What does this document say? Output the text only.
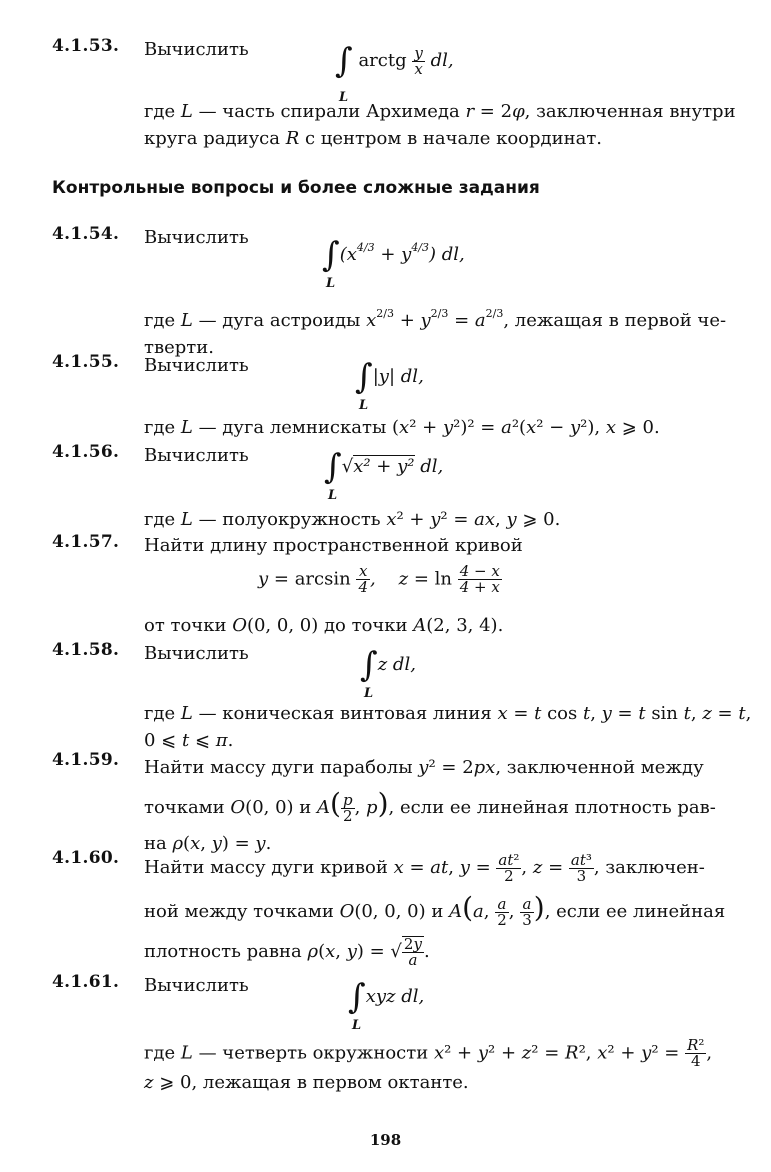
4.1.53. Вычислить	∫ arctg $\frac{y}{x}$ dl,
L
где L — часть спирали Архимеда r = 2φ, заключенная внутри
круга радиуса R с центром в начале координат.
Контрольные вопросы и более сложные задания
4.1.54. Вычислить	$\int(x^{4/3} + y^{4/3})$ dl,
L
где L — дуга астроиды $x^{2/3} + y^{2/3} = a^{2/3}$, лежащая в первой че-
тверти.
4.1.55. Вычислить	∫|y| dl,
L
где L — дуга лемнискаты (x² + y²)² = a²(x² − y²), x ⩾ 0.
4.1.56. Вычислить	∫√x² + y² dl,
L
где L — полуокружность x² + y² = ax, y ⩾ 0.
4.1.57. Найти длину пространственной кривой
$y = \arcsin \frac{x}{4}$ ,    $z = \ln \frac{4 - x}{4 + x}$
от точки O(0, 0, 0) до точки A(2, 3, 4).
4.1.58. Вычислить	∫z dl,
L
где L — коническая винтовая линия x = t cos t, y = t sin t, z = t,
0 ⩽ t ⩽ π.
4.1.59. Найти массу дуги параболы y² = 2px, заключенной между
точками O(0, 0) и $A( \frac{p}{2}$ , p), если ее линейная плотность рав-
на ρ(x, y) = y.
4.1.60. Найти массу дуги кривой x = at, $y = \frac{\text{at²}}{2}$ , $z = \frac{\text{at³}}{3}$ , заключен-
ной между точками O(0, 0, 0) и A(a, $\frac{a}{2}$ , $\frac{a}{3}$ ), если ее линейная
плотность равна ρ(x, y) = √ $\frac{2y}{a}$ .
4.1.61. Вычислить	∫xyz dl,
L
где L — четверть окружности x² + y² + z² = R², $x^2 + y^2 = \frac{\text{R²}}{4}$ ,
z ⩾ 0, лежащая в первом октанте.
198
